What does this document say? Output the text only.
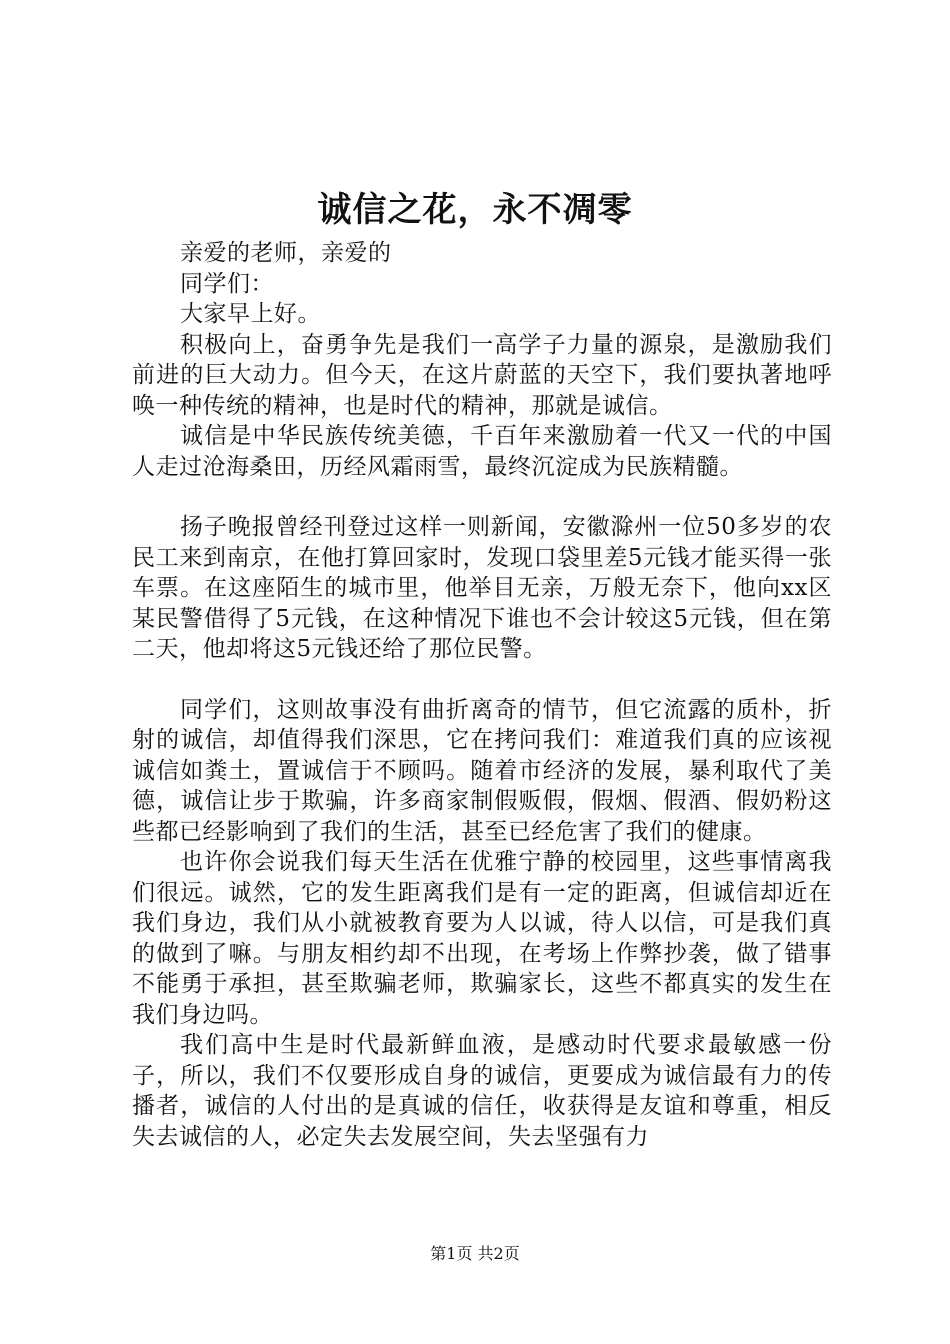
诚信之花，永不凋零

亲爱的老师，亲爱的

同学们：

大家早上好。

积极向上，奋勇争先是我们一高学子力量的源泉，是激励我们前进的巨大动力。但今天，在这片蔚蓝的天空下，我们要执著地呼唤一种传统的精神，也是时代的精神，那就是诚信。

诚信是中华民族传统美德，千百年来激励着一代又一代的中国人走过沧海桑田，历经风霜雨雪，最终沉淀成为民族精髓。

扬子晚报曾经刊登过这样一则新闻，安徽滁州一位50多岁的农民工来到南京，在他打算回家时，发现口袋里差5元钱才能买得一张车票。在这座陌生的城市里，他举目无亲，万般无奈下，他向xx区某民警借得了5元钱，在这种情况下谁也不会计较这5元钱，但在第二天，他却将这5元钱还给了那位民警。

同学们，这则故事没有曲折离奇的情节，但它流露的质朴，折射的诚信，却值得我们深思，它在拷问我们：难道我们真的应该视诚信如粪土，置诚信于不顾吗。随着市经济的发展，暴利取代了美德，诚信让步于欺骗，许多商家制假贩假，假烟、假酒、假奶粉这些都已经影响到了我们的生活，甚至已经危害了我们的健康。

也许你会说我们每天生活在优雅宁静的校园里，这些事情离我们很远。诚然，它的发生距离我们是有一定的距离，但诚信却近在我们身边，我们从小就被教育要为人以诚，待人以信，可是我们真的做到了嘛。与朋友相约却不出现，在考场上作弊抄袭，做了错事不能勇于承担，甚至欺骗老师，欺骗家长，这些不都真实的发生在我们身边吗。

我们高中生是时代最新鲜血液，是感动时代要求最敏感一份子，所以，我们不仅要形成自身的诚信，更要成为诚信最有力的传播者，诚信的人付出的是真诚的信任，收获得是友谊和尊重，相反失去诚信的人，必定失去发展空间，失去坚强有力

第1页 共2页
